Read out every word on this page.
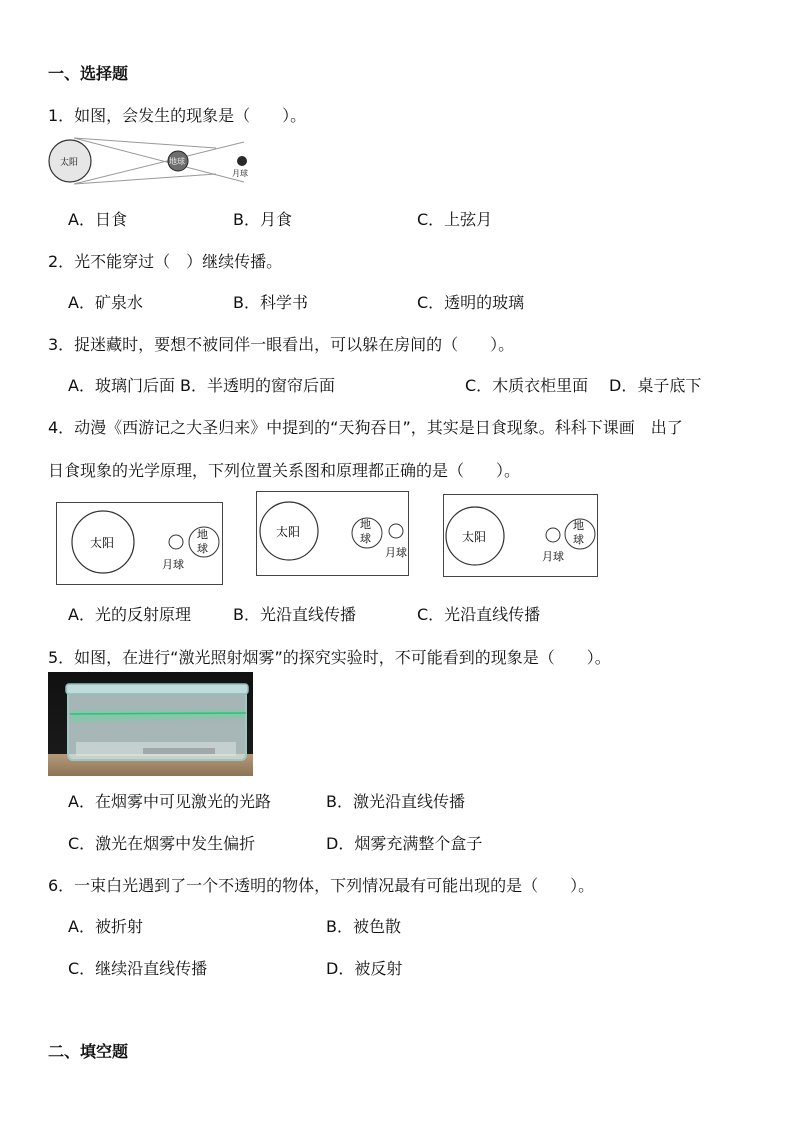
一、选择题
1．如图，会发生的现象是（　　）。
太阳	地球
月球
A．日食	B．月食	C．上弦月
2．光不能穿过（　）继续传播。
A．矿泉水	B．科学书	C．透明的玻璃
3．捉迷藏时，要想不被同伴一眼看出，可以躲在房间的（　　）。
A．玻璃门后面 B．半透明的窗帘后面	C．木质衣柜里面 D．桌子底下
4．动漫《西游记之大圣归来》中提到的“天狗吞日”，其实是日食现象。科科下课画　出了
日食现象的光学原理，下列位置关系图和原理都正确的是（　　）。
太阳
月球
地
球
太阳
地
球
月球
太阳
月球
地
球
A．光的反射原理	B．光沿直线传播	C．光沿直线传播
5．如图，在进行“激光照射烟雾”的探究实验时，不可能看到的现象是（　　）。
A．在烟雾中可见激光的光路	B．激光沿直线传播
C．激光在烟雾中发生偏折	D．烟雾充满整个盒子
6．一束白光遇到了一个不透明的物体，下列情况最有可能出现的是（　　）。
A．被折射	B．被色散
C．继续沿直线传播	D．被反射
二、填空题
